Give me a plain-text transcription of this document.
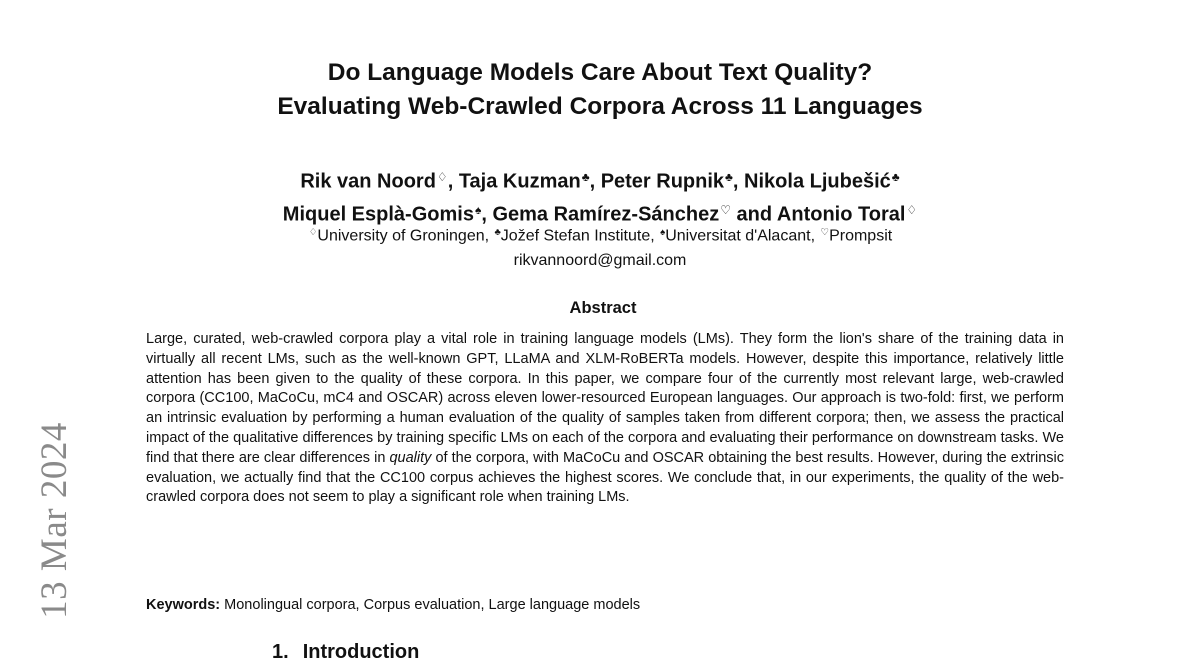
13 Mar 2024
Do Language Models Care About Text Quality?
Evaluating Web-Crawled Corpora Across 11 Languages
Rik van Noord♢, Taja Kuzman♣, Peter Rupnik♣, Nikola Ljubešić♣
Miquel Esplà-Gomis♠, Gema Ramírez-Sánchez♡ and Antonio Toral♢
♢University of Groningen, ♣Jožef Stefan Institute, ♠Universitat d'Alacant, ♡Prompsit
rikvannoord@gmail.com
Abstract

Large, curated, web-crawled corpora play a vital role in training language models (LMs). They form the lion's share of the training data in virtually all recent LMs, such as the well-known GPT, LLaMA and XLM-RoBERTa models. However, despite this importance, relatively little attention has been given to the quality of these corpora. In this paper, we compare four of the currently most relevant large, web-crawled corpora (CC100, MaCoCu, mC4 and OSCAR) across eleven lower-resourced European languages. Our approach is two-fold: first, we perform an intrinsic evaluation by performing a human evaluation of the quality of samples taken from different corpora; then, we assess the practical impact of the qualitative differences by training specific LMs on each of the corpora and evaluating their performance on downstream tasks. We find that there are clear differences in quality of the corpora, with MaCoCu and OSCAR obtaining the best results. However, during the extrinsic evaluation, we actually find that the CC100 corpus achieves the highest scores. We conclude that, in our experiments, the quality of the web-crawled corpora does not seem to play a significant role when training LMs.

Keywords: Monolingual corpora, Corpus evaluation, Large language models

1. Introduction
